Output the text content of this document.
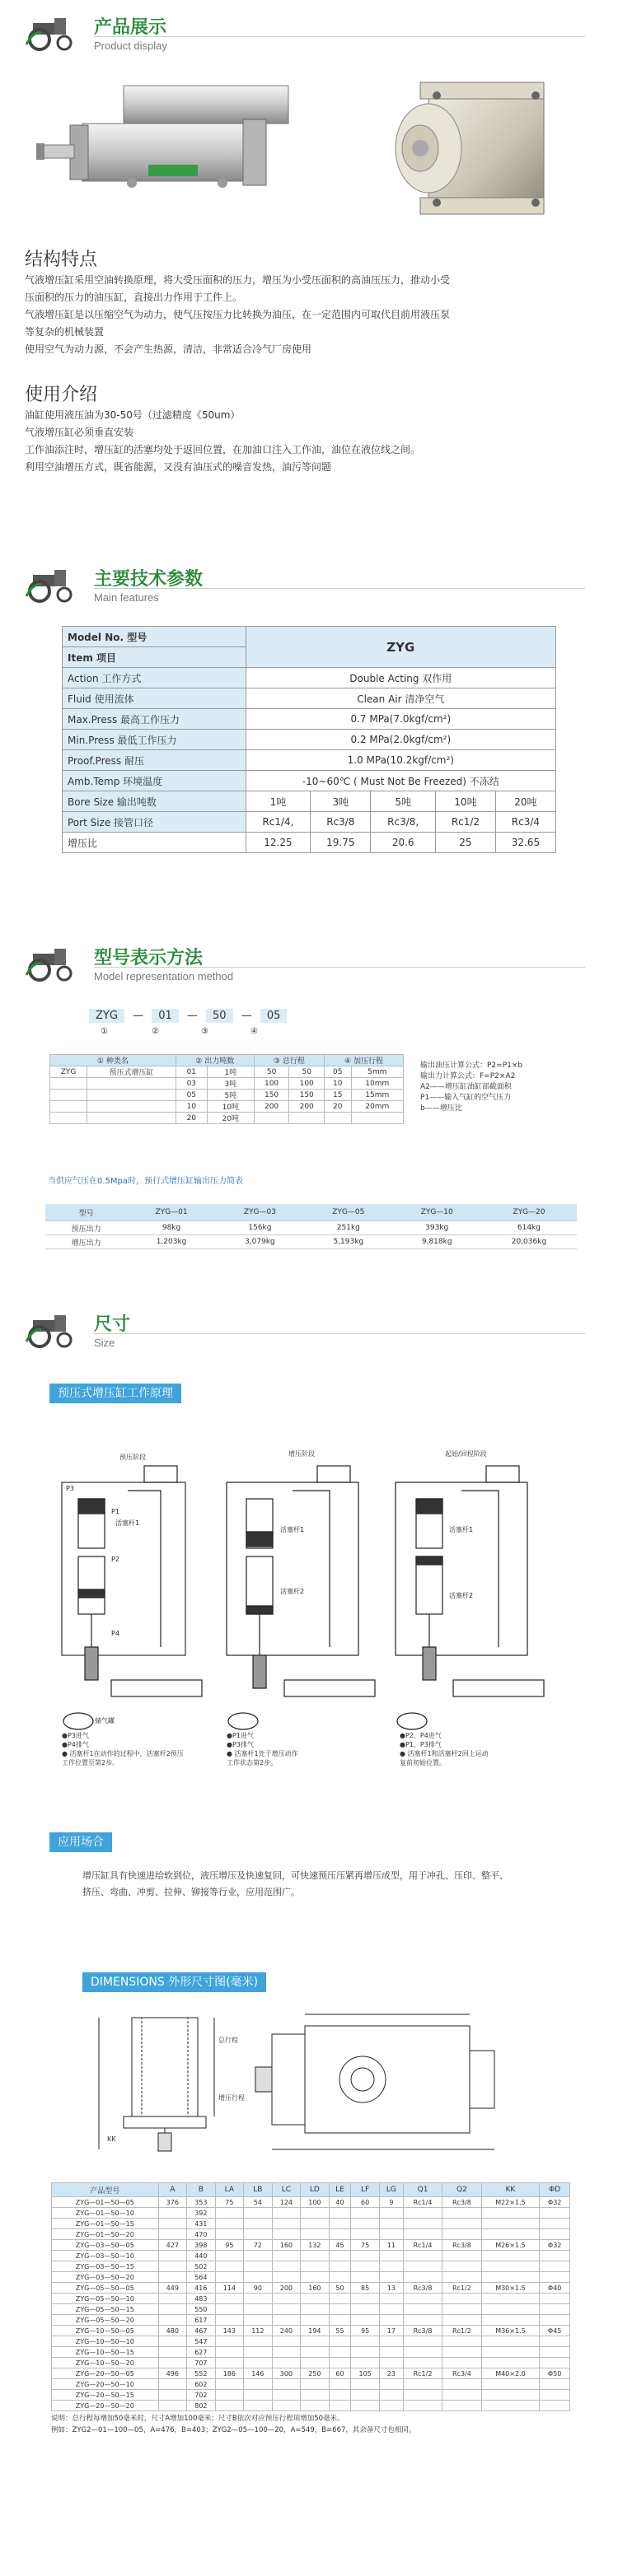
产品展示
Product display
结构特点
气液增压缸采用空油转换原理，将大受压面积的压力，增压为小受压面积的高油压压力，推动小受
压面积的压力的油压缸，直接出力作用于工件上。
气液增压缸是以压缩空气为动力，使气压按压力比转换为油压，在一定范围内可取代目前用液压泵
等复杂的机械装置
使用空气为动力源，不会产生热源，清洁，非常适合冷气厂房使用
使用介绍
油缸使用液压油为30-50号（过滤精度《50um）
气液增压缸必须垂直安装
工作油添注时，增压缸的活塞均处于返回位置，在加油口注入工作油，油位在液位线之间。
利用空油增压方式，既省能源，又没有油压式的噪音发热，油污等问题
主要技术参数
Main features
Model No. 型号	ZYG				
Item 项目					
Action 工作方式	Double Acting 双作用				
Fluid 使用流体	Clean Air 清净空气				
Max.Press 最高工作压力	0.7 MPa(7.0kgf/cm²)				
Min.Press 最低工作压力	0.2 MPa(2.0kgf/cm²)				
Proof.Press 耐压	1.0 MPa(10.2kgf/cm²)				
Amb.Temp 环境温度	-10~60℃ ( Must Not Be Freezed) 不冻结				
Bore Size 输出吨数	1吨	3吨	5吨	10吨	20吨
Port Size 接管口径	Rc1/4,	Rc3/8	Rc3/8,	Rc1/2	Rc3/4
增压比	12.25	19.75	20.6	25	32.65
型号表示方法
Model representation method
ZYG — 01 — 50 — 05
①	②	③	④
① 种类名		② 出力吨数		③ 总行程		④ 加压行程	
ZYG	预压式增压缸	01	1吨	50	50	05	5mm
		03	3吨	100	100	10	10mm
		05	5吨	150	150	15	15mm
		10	10吨	200	200	20	20mm
		20	20吨				
输出油压计算公式：P2=P1×b
输出力计算公式：F=P2×A2
A2——增压缸油缸部截面积
P1——输入气缸的空气压力
b——增压比
当供应气压在0.5Mpa时，预行式增压缸输出压力简表
型号	ZYG—01	ZYG—03	ZYG—05	ZYG—10	ZYG—20
预压出力	98kg	156kg	251kg	393kg	614kg
增压出力	1,203kg	3,079kg	5,193kg	9,818kg	20,036kg
尺寸
Size
预压式增压缸工作原理
预压阶段	增压阶段	起始/回程阶段
P3
P1
活塞杆1
P2
P4
储气罐
活塞杆1
活塞杆2
活塞杆1
活塞杆2
●P3进气
●P4排气
● 活塞杆1在动作的过程中，活塞杆2预压
工作位置至第2步。
●P1进气
●P3排气
● 活塞杆1处于增压动作
工作状态第2步。
●P2、P4进气
●P1、P3排气
● 活塞杆1和活塞杆2回上运动
复前初始位置。
应用场合
增压缸具有快速进给软到位，液压增压及快速复回，可快速预压压紧再增压成型，用于冲孔、压印、整平、
挤压、弯曲、冲剪、拉伸、铆接等行业，应用范围广。
DIMENSIONS 外形尺寸图(毫米)
总行程
增压行程
KK
产品型号	A	B	LA	LB	LC	LD	LE	LF	LG	Q1	Q2	KK	ΦD
ZYG—01—50—05	376	353	75	54	124	100	40	60	9	Rc1/4	Rc3/8	M22×1.5	Φ32
ZYG—01—50—10		392											
ZYG—01—50—15		431											
ZYG—01—50—20		470											
ZYG—03—50—05	427	398	95	72	160	132	45	75	11	Rc1/4	Rc3/8	M26×1.5	Φ32
ZYG—03—50—10		440											
ZYG—03—50—15		502											
ZYG—03—50—20		564											
ZYG—05—50—05	449	416	114	90	200	160	50	85	13	Rc3/8	Rc1/2	M30×1.5	Φ40
ZYG—05—50—10		483											
ZYG—05—50—15		550											
ZYG—05—50—20		617											
ZYG—10—50—05	480	467	143	112	240	194	55	95	17	Rc3/8	Rc1/2	M36×1.5	Φ45
ZYG—10—50—10		547											
ZYG—10—50—15		627											
ZYG—10—50—20		707											
ZYG—20—50—05	496	552	186	146	300	250	60	105	23	Rc1/2	Rc3/4	M40×2.0	Φ50
ZYG—20—50—10		602											
ZYG—20—50—15		702											
ZYG—20—50—20		802											
说明：总行程每增加50毫米时，尺寸A增加100毫米；尺寸B依次对应预压行程项增加50毫米。
例如：ZYG2—01—100—05，A=476，B=403；ZYG2—05—100—20，A=549，B=667，其余备尺寸也相同。
